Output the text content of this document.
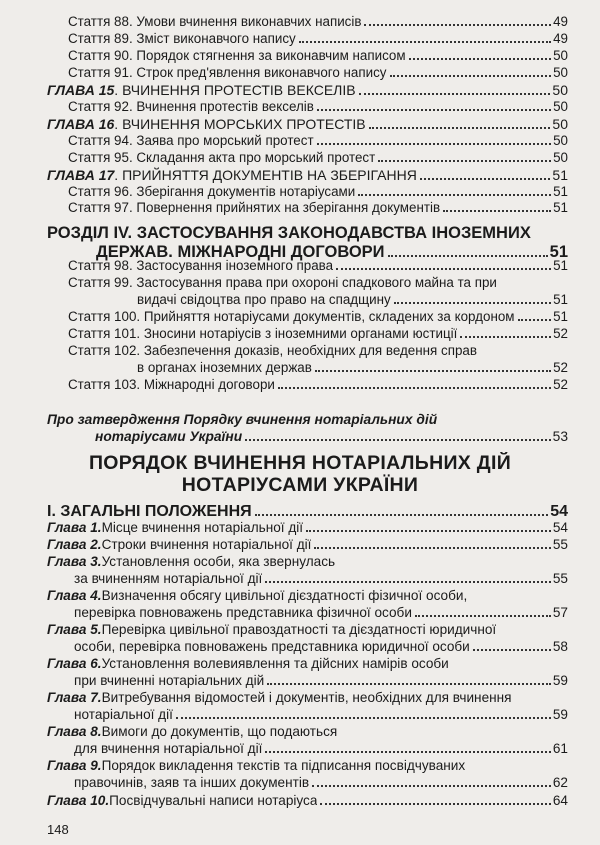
Стаття 88. Умови вчинення виконавчих написів	49
Стаття 89. Зміст виконавчого напису	49
Стаття 90. Порядок стягнення за виконавчим написом	50
Стаття 91. Строк пред'явлення виконавчого напису	50
ГЛАВА 15 . ВЧИНЕННЯ ПРОТЕСТІВ ВЕКСЕЛІВ	50
Стаття 92. Вчинення протестів векселів	50
ГЛАВА 16 . ВЧИНЕННЯ МОРСЬКИХ ПРОТЕСТІВ	50
Стаття 94. Заява про морський протест	50
Стаття 95. Складання акта про морський протест	50
ГЛАВА 17 . ПРИЙНЯТТЯ ДОКУМЕНТІВ НА ЗБЕРІГАННЯ	51
Стаття 96. Зберігання документів нотаріусами	51
Стаття 97. Повернення прийнятих на зберігання документів	51
РОЗДІЛ IV. ЗАСТОСУВАННЯ ЗАКОНОДАВСТВА ІНОЗЕМНИХ
ДЕРЖАВ. МІЖНАРОДНІ ДОГОВОРИ	51
Стаття 98. Застосування іноземного права	51
Стаття 99. Застосування права при охороні спадкового майна та при
видачі свідоцтва про право на спадщину	51
Стаття 100. Прийняття нотаріусами документів, складених за кордоном	51
Стаття 101. Зносини нотаріусів з іноземними органами юстиції	52
Стаття 102. Забезпечення доказів, необхідних для ведення справ
в органах іноземних держав	52
Стаття 103. Міжнародні договори	52
Про затвердження Порядку вчинення нотаріальних дій
нотаріусами України	53
ПОРЯДОК ВЧИНЕННЯ НОТАРІАЛЬНИХ ДІЙ
НОТАРІУСАМИ УКРАЇНИ
I. ЗАГАЛЬНІ ПОЛОЖЕННЯ	54
Глава 1. Місце вчинення нотаріальної дії	54
Глава 2. Строки вчинення нотаріальної дії	55
Глава 3. Установлення особи, яка звернулась
за вчиненням нотаріальної дії	55
Глава 4. Визначення обсягу цивільної дієздатності фізичної особи,
перевірка повноважень представника фізичної особи	57
Глава 5. Перевірка цивільної правоздатності та дієздатності юридичної
особи, перевірка повноважень представника юридичної особи	58
Глава 6. Установлення волевиявлення та дійсних намірів особи
при вчиненні нотаріальних дій	59
Глава 7. Витребування відомостей і документів, необхідних для вчинення
нотаріальної дії	59
Глава 8. Вимоги до документів, що подаються
для вчинення нотаріальної дії	61
Глава 9. Порядок викладення текстів та підписання посвідчуваних
правочинів, заяв та інших документів	62
Глава 10. Посвідчувальні написи нотаріуса	64
148
